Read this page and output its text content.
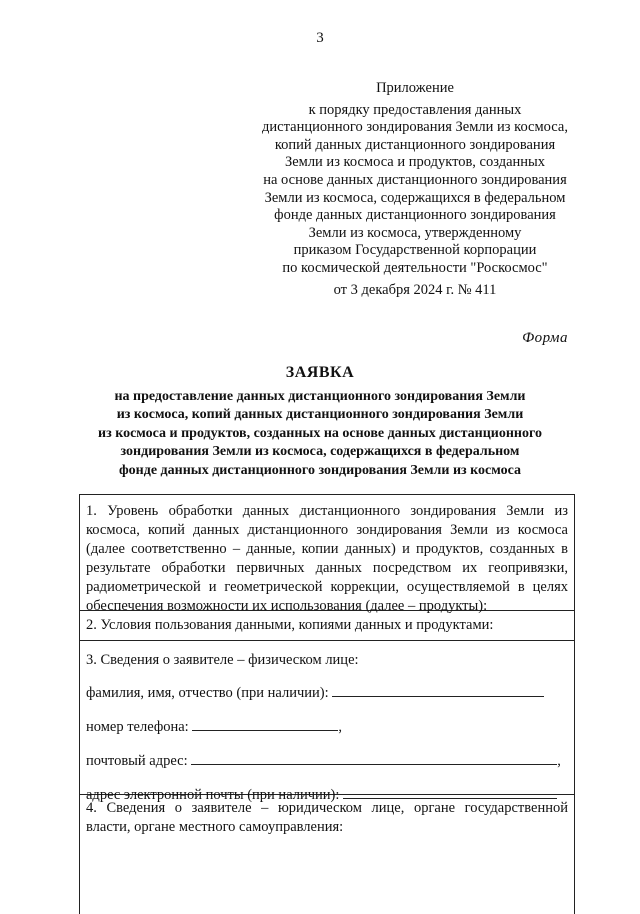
3
Приложение
к порядку предоставления данных
дистанционного зондирования Земли из космоса,
копий данных дистанционного зондирования
Земли из космоса и продуктов, созданных
на основе данных дистанционного зондирования
Земли из космоса, содержащихся в федеральном
фонде данных дистанционного зондирования
Земли из космоса, утвержденному
приказом Государственной корпорации
по космической деятельности "Роскосмос"
от 3 декабря 2024 г. № 411
Форма
ЗАЯВКА
на предоставление данных дистанционного зондирования Земли
из космоса, копий данных дистанционного зондирования Земли
из космоса и продуктов, созданных на основе данных дистанционного
зондирования Земли из космоса, содержащихся в федеральном
фонде данных дистанционного зондирования Земли из космоса
1. Уровень обработки данных дистанционного зондирования Земли из космоса, копий данных дистанционного зондирования Земли из космоса (далее соответственно – данные, копии данных) и продуктов, созданных в результате обработки первичных данных посредством их геопривязки, радиометрической и геометрической коррекции, осуществляемой в целях обеспечения возможности их использования (далее – продукты):
2. Условия пользования данными, копиями данных и продуктами:
3. Сведения о заявителе – физическом лице:
фамилия, имя, отчество (при наличии):
номер телефона:	,
почтовый адрес:	,
адрес электронной почты (при наличии):
4. Сведения о заявителе – юридическом лице, органе государственной власти, органе местного самоуправления:
